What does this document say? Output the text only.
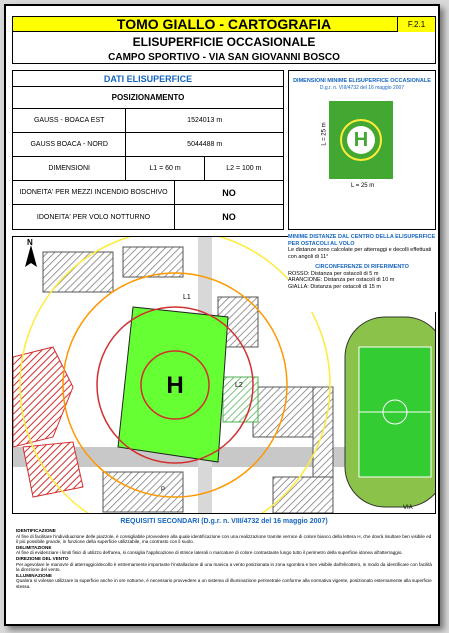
TOMO GIALLO - CARTOGRAFIA	F.2.1
ELISUPERFICIE OCCASIONALE
CAMPO SPORTIVO - VIA SAN GIOVANNI BOSCO
DATI ELISUPERFICE
POSIZIONAMENTO
GAUSS - BOACA EST	1524013 m
GAUSS BOACA - NORD	5044488 m
DIMENSIONI	L1 = 60 m	L2 = 100 m
IDONEITA' PER MEZZI INCENDIO BOSCHIVO	NO
IDONEITA' PER VOLO NOTTURNO	NO
DIMENSIONI MINIME ELISUPERFICE OCCASIONALE
D.g.r. n. VIII/4732 del 16 maggio 2007
H
L = 25 m
L = 25 m
H
L1
L2
VIA
P
N
MINIME DISTANZE DAL CENTRO DELLA ELISUPERFICE PER OSTACOLI AL VOLO
Le distanze sono calcolate per atterraggi e decolli effettuati con angoli di 11°
CIRCONFERENZE DI RIFERIMENTO
ROSSO: Distanza per ostacoli di 5 m
ARANCIONE: Distanza per ostacoli di 10 m
GIALLA: Distanza per ostacoli di 15 m
REQUISITI SECONDARI (D.g.r. n. VIII/4732 del 16 maggio 2007)
IDENTIFICAZIONE
Al fine di facilitare l'individuazione delle piazzole, è consigliabile provvedere alla quale identificazione con una realizzazione tramite vernice di colore bianco della lettera H, che dovrà risultare ben visibile ed il più possibile grande, in funzione della superficie utilizzabile, ma contrasto con il suolo.
DELIMITAZIONE
Al fine di evidenziare i limiti fisici di utilizzo dell'area, si consiglia l'applicazione di strisce laterali o marcature di colore contrastante lungo tutto il perimetro della superficie idonea all'atterraggio.
DIREZIONE DEL VENTO
Per agevolare le manovre di atterraggio/decollo è estremamente importante l'installazione di una manica a vento posizionata in zona sgombra e ben visibile dall'elicottero, in modo da identificare con facilità la direzione del vento.
ILLUMINAZIONE
Qualora si volesse utilizzare la superficie anche in ore notturne, è necessario provvedere a un sistema di illuminazione perimetrale conforme alla normativa vigente, posizionato esternamente alla superficie stessa.
